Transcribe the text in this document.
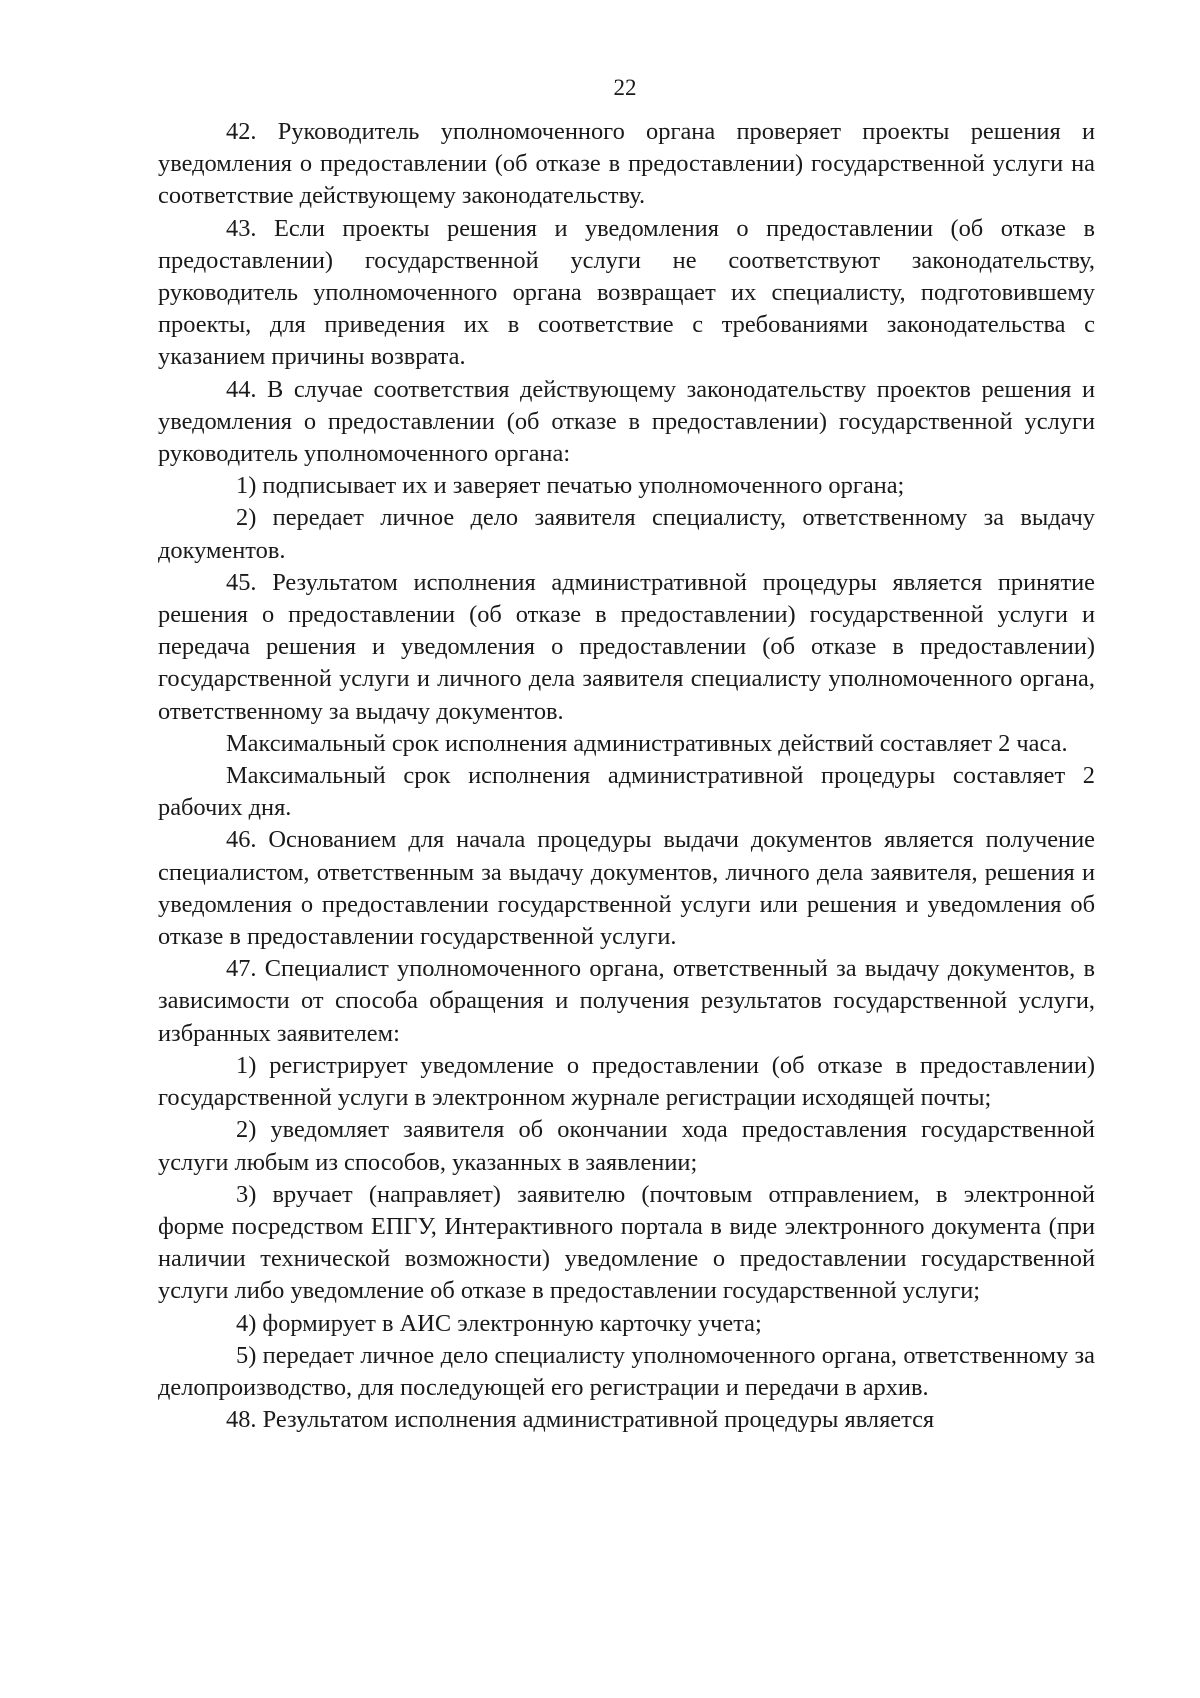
22

42. Руководитель уполномоченного органа проверяет проекты решения и уведомления о предоставлении (об отказе в предоставлении) государственной услуги на соответствие действующему законодательству.

43. Если проекты решения и уведомления о предоставлении (об отказе в предоставлении) государственной услуги не соответствуют законодательству, руководитель уполномоченного органа возвращает их специалисту, подготовившему проекты, для приведения их в соответствие с требованиями законодательства с указанием причины возврата.

44. В случае соответствия действующему законодательству проектов решения и уведомления о предоставлении (об отказе в предоставлении) государственной услуги руководитель уполномоченного органа:

1) подписывает их и заверяет печатью уполномоченного органа;

2) передает личное дело заявителя специалисту, ответственному за выдачу документов.

45. Результатом исполнения административной процедуры является принятие решения о предоставлении (об отказе в предоставлении) государственной услуги и передача решения и уведомления о предоставлении (об отказе в предоставлении) государственной услуги и личного дела заявителя специалисту уполномоченного органа, ответственному за выдачу документов.

Максимальный срок исполнения административных действий составляет 2 часа.

Максимальный срок исполнения административной процедуры составляет 2 рабочих дня.

46. Основанием для начала процедуры выдачи документов является получение специалистом, ответственным за выдачу документов, личного дела заявителя, решения и уведомления о предоставлении государственной услуги или решения и уведомления об отказе в предоставлении государственной услуги.

47. Специалист уполномоченного органа, ответственный за выдачу документов, в зависимости от способа обращения и получения результатов государственной услуги, избранных заявителем:

1) регистрирует уведомление о предоставлении (об отказе в предоставлении) государственной услуги в электронном журнале регистрации исходящей почты;

2) уведомляет заявителя об окончании хода предоставления государственной услуги любым из способов, указанных в заявлении;

3) вручает (направляет) заявителю (почтовым отправлением, в электронной форме посредством ЕПГУ, Интерактивного портала в виде электронного документа (при наличии технической возможности) уведомление о предоставлении государственной услуги либо уведомление об отказе в предоставлении государственной услуги;

4) формирует в АИС электронную карточку учета;

5) передает личное дело специалисту уполномоченного органа, ответственному за делопроизводство, для последующей его регистрации и передачи в архив.

48. Результатом исполнения административной процедуры является
